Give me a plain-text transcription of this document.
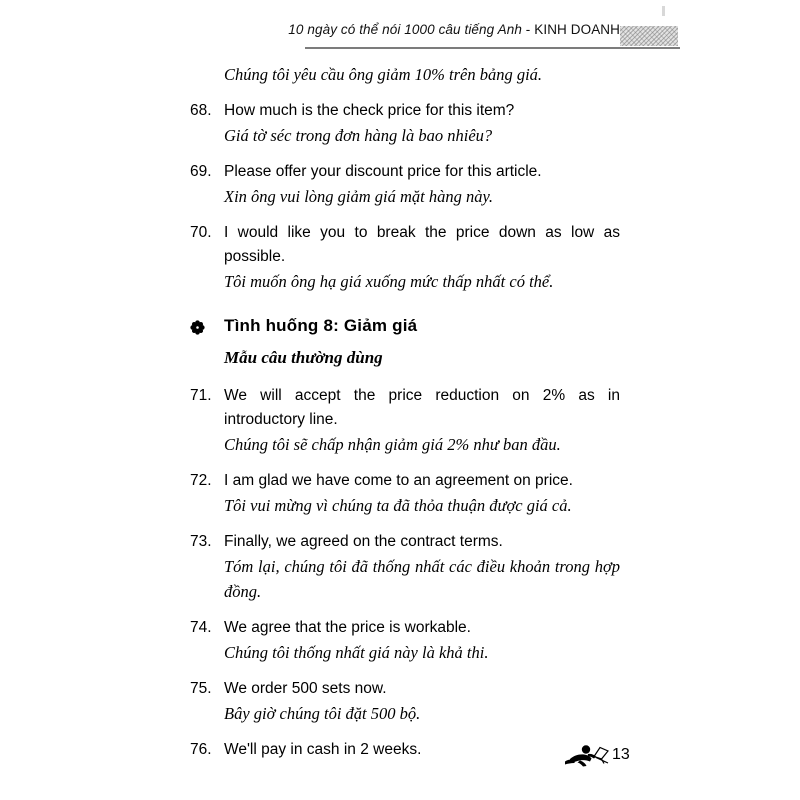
10 ngày có thể nói 1000 câu tiếng Anh - KINH DOANH
Chúng tôi yêu cầu ông giảm 10% trên bảng giá.
68. How much is the check price for this item?
Giá tờ séc trong đơn hàng là bao nhiêu?
69. Please offer your discount price for this article.
Xin ông vui lòng giảm giá mặt hàng này.
70. I would like you to break the price down as low as possible.
Tôi muốn ông hạ giá xuống mức thấp nhất có thể.
Tình huống 8: Giảm giá
Mẫu câu thường dùng
71. We will accept the price reduction on 2% as in introductory line.
Chúng tôi sẽ chấp nhận giảm giá 2% như ban đầu.
72. I am glad we have come to an agreement on price.
Tôi vui mừng vì chúng ta đã thỏa thuận được giá cả.
73. Finally, we agreed on the contract terms.
Tóm lại, chúng tôi đã thống nhất các điều khoản trong hợp đồng.
74. We agree that the price is workable.
Chúng tôi thống nhất giá này là khả thi.
75. We order 500 sets now.
Bây giờ chúng tôi đặt 500 bộ.
76. We'll pay in cash in 2 weeks.	13
